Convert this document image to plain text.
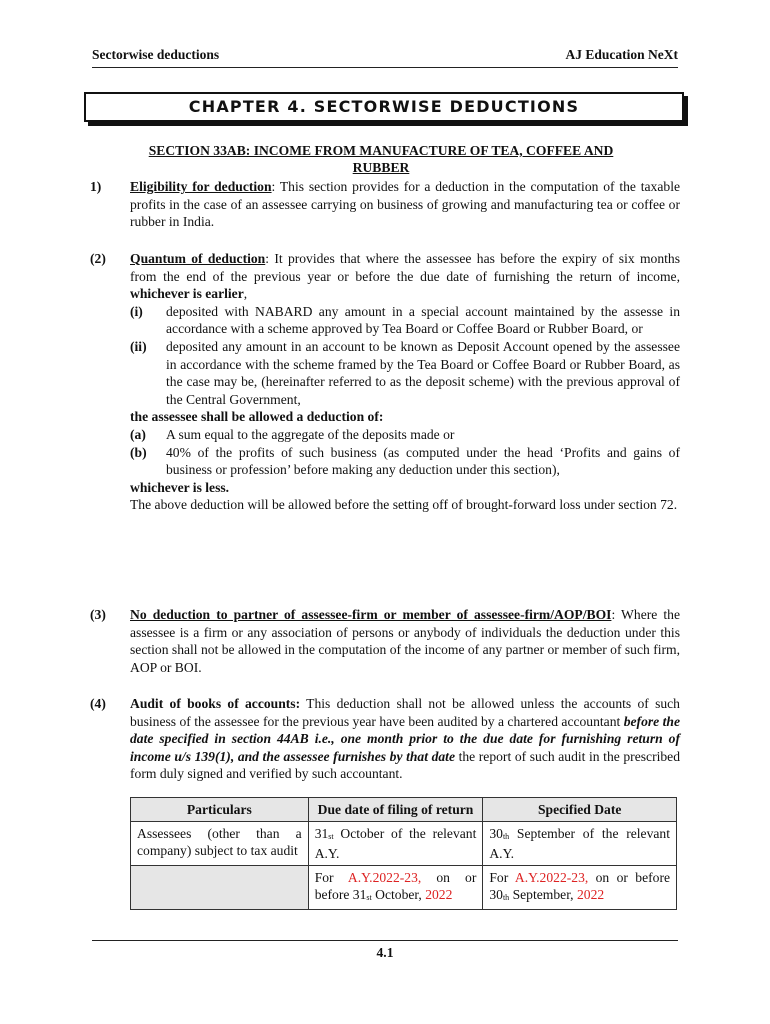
Sectorwise deductions	AJ Education NeXt
CHAPTER 4. SECTORWISE DEDUCTIONS
SECTION 33AB: INCOME FROM MANUFACTURE OF TEA, COFFEE AND
RUBBER
1)	Eligibility for deduction: This section provides for a deduction in the computation of the taxable profits in the case of an assessee carrying on business of growing and manufacturing tea or coffee or rubber in India.
(2)	Quantum of deduction: It provides that where the assessee has before the expiry of six months from the end of the previous year or before the due date of furnishing the return of income, whichever is earlier,
(i) deposited with NABARD any amount in a special account maintained by the assesse in accordance with a scheme approved by Tea Board or Coffee Board or Rubber Board, or
(ii) deposited any amount in an account to be known as Deposit Account opened by the assessee in accordance with the scheme framed by the Tea Board or Coffee Board or Rubber Board, as the case may be, (hereinafter referred to as the deposit scheme) with the previous approval of the Central Government,
the assessee shall be allowed a deduction of:
(a) A sum equal to the aggregate of the deposits made or
(b) 40% of the profits of such business (as computed under the head ‘Profits and gains of business or profession’ before making any deduction under this section),
whichever is less.
The above deduction will be allowed before the setting off of brought-forward loss under section 72.
(3)	No deduction to partner of assessee-firm or member of assessee-firm/AOP/BOI: Where the assessee is a firm or any association of persons or anybody of individuals the deduction under this section shall not be allowed in the computation of the income of any partner or member of such firm, AOP or BOI.
(4)	Audit of books of accounts: This deduction shall not be allowed unless the accounts of such business of the assessee for the previous year have been audited by a chartered accountant before the date specified in section 44AB i.e., one month prior to the due date for furnishing return of income u/s 139(1), and the assessee furnishes by that date the report of such audit in the prescribed form duly signed and verified by such accountant.
Particulars	Due date of filing of return	Specified Date
Assessees (other than a company) subject to tax audit	31st October of the relevant A.Y.	30th September of the relevant A.Y.
	For A.Y.2022-23, on or before 31st October, 2022	For A.Y.2022-23, on or before 30th September, 2022
4.1
